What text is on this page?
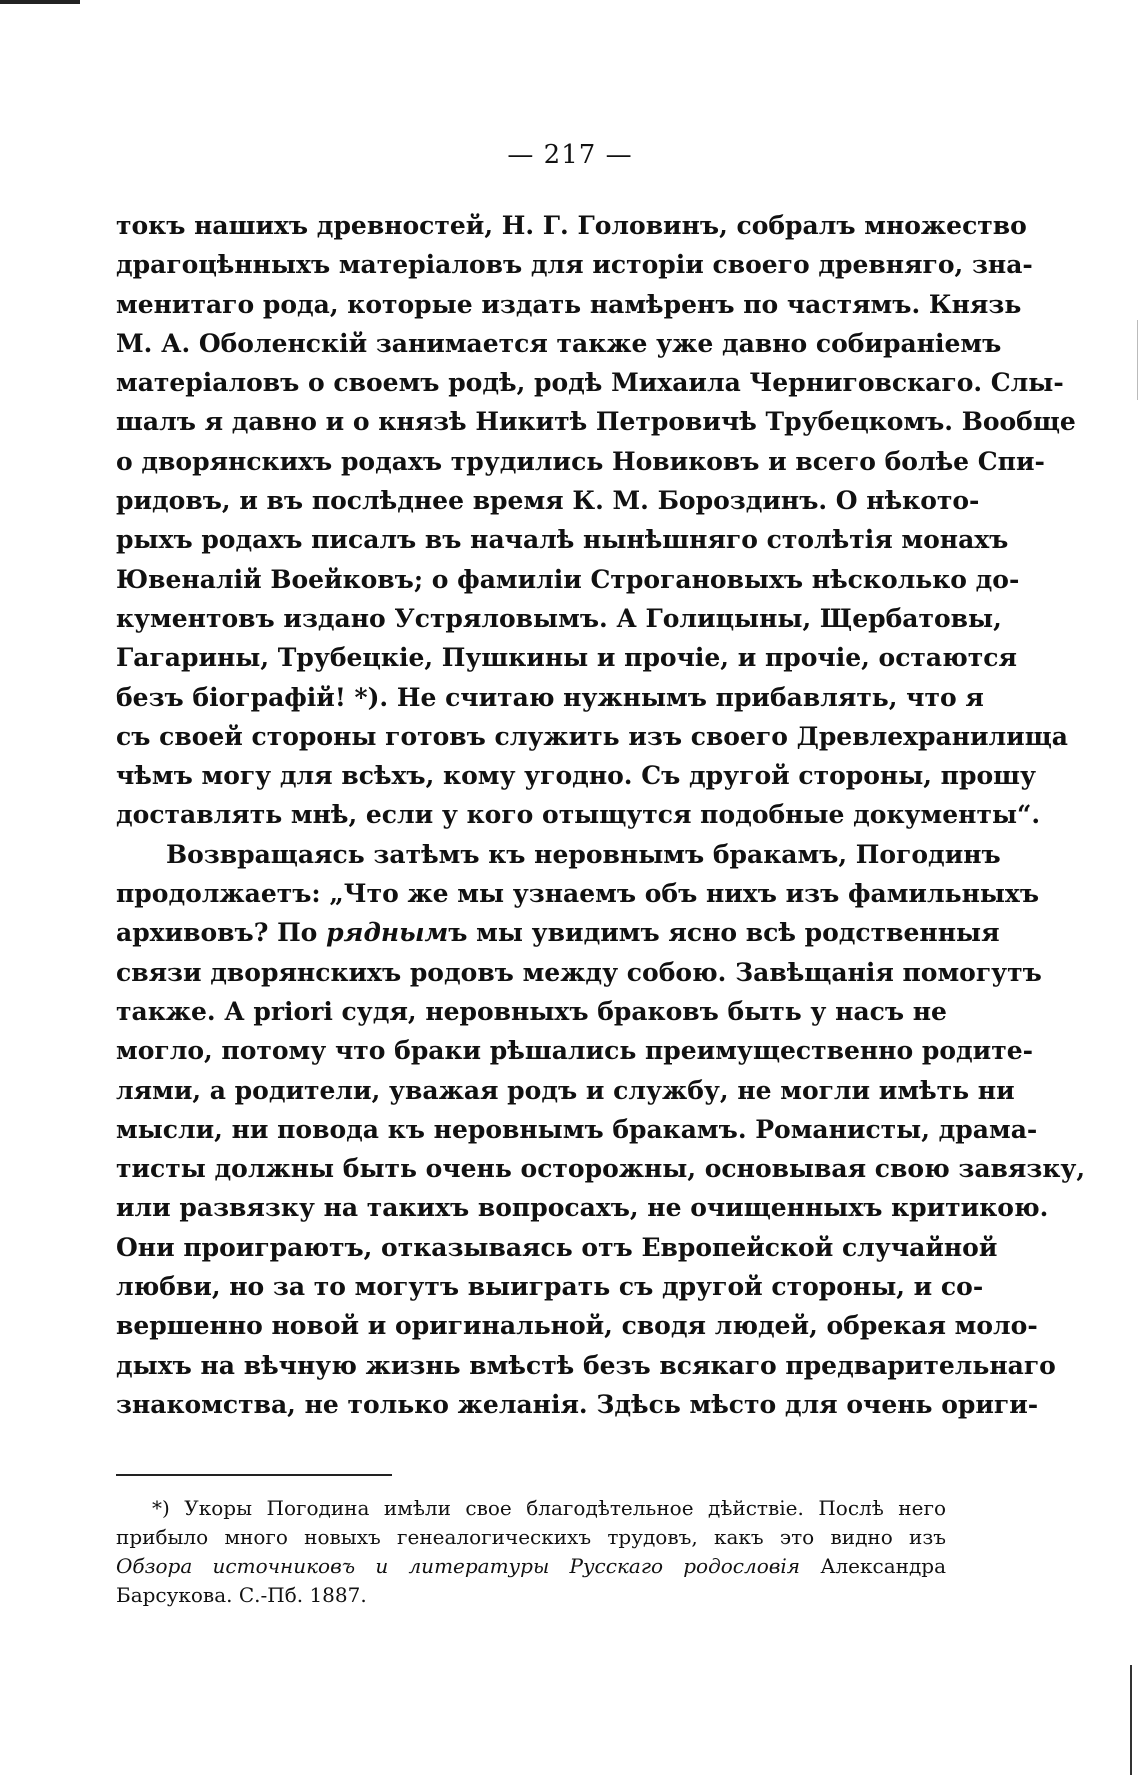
— 217 —
токъ нашихъ древностей, Н. Г. Головинъ, собралъ множество
драгоцѣнныхъ матеріаловъ для исторіи своего древняго, зна-
менитаго рода, которые издать намѣренъ по частямъ. Князь
М. А. Оболенскій занимается также уже давно собираніемъ
матеріаловъ о своемъ родѣ, родѣ Михаила Черниговскаго. Слы-
шалъ я давно и о князѣ Никитѣ Петровичѣ Трубецкомъ. Вообще
о дворянскихъ родахъ трудились Новиковъ и всего болѣе Спи-
ридовъ, и въ послѣднее время К. М. Бороздинъ. О нѣкото-
рыхъ родахъ писалъ въ началѣ нынѣшняго столѣтія монахъ
Ювеналій Воейковъ; о фамиліи Строгановыхъ нѣсколько до-
кументовъ издано Устряловымъ. А Голицыны, Щербатовы,
Гагарины, Трубецкіе, Пушкины и прочіе, и прочіе, остаются
безъ біографій! *). Не считаю нужнымъ прибавлять, что я
съ своей стороны готовъ служить изъ своего Древлехранилища
чѣмъ могу для всѣхъ, кому угодно. Съ другой стороны, прошу
доставлять мнѣ, если у кого отыщутся подобные документы“.
Возвращаясь затѣмъ къ неровнымъ бракамъ, Погодинъ
продолжаетъ: „Что же мы узнаемъ объ нихъ изъ фамильныхъ
архивовъ? По ряднымъ мы увидимъ ясно всѣ родственныя
связи дворянскихъ родовъ между собою. Завѣщанія помогутъ
также. А priori судя, неровныхъ браковъ быть у насъ не
могло, потому что браки рѣшались преимущественно родите-
лями, а родители, уважая родъ и службу, не могли имѣть ни
мысли, ни повода къ неровнымъ бракамъ. Романисты, драма-
тисты должны быть очень осторожны, основывая свою завязку,
или развязку на такихъ вопросахъ, не очищенныхъ критикою.
Они проиграютъ, отказываясь отъ Европейской случайной
любви, но за то могутъ выиграть съ другой стороны, и со-
вершенно новой и оригинальной, сводя людей, обрекая моло-
дыхъ на вѣчную жизнь вмѣстѣ безъ всякаго предварительнаго
знакомства, не только желанія. Здѣсь мѣсто для очень ориги-
*) Укоры Погодина имѣли свое благодѣтельное дѣйствіе. Послѣ него
прибыло много новыхъ генеалогическихъ трудовъ, какъ это видно изъ
Обзора источниковъ и литературы Русскаго родословія Александра
Барсукова. С.-Пб. 1887.
